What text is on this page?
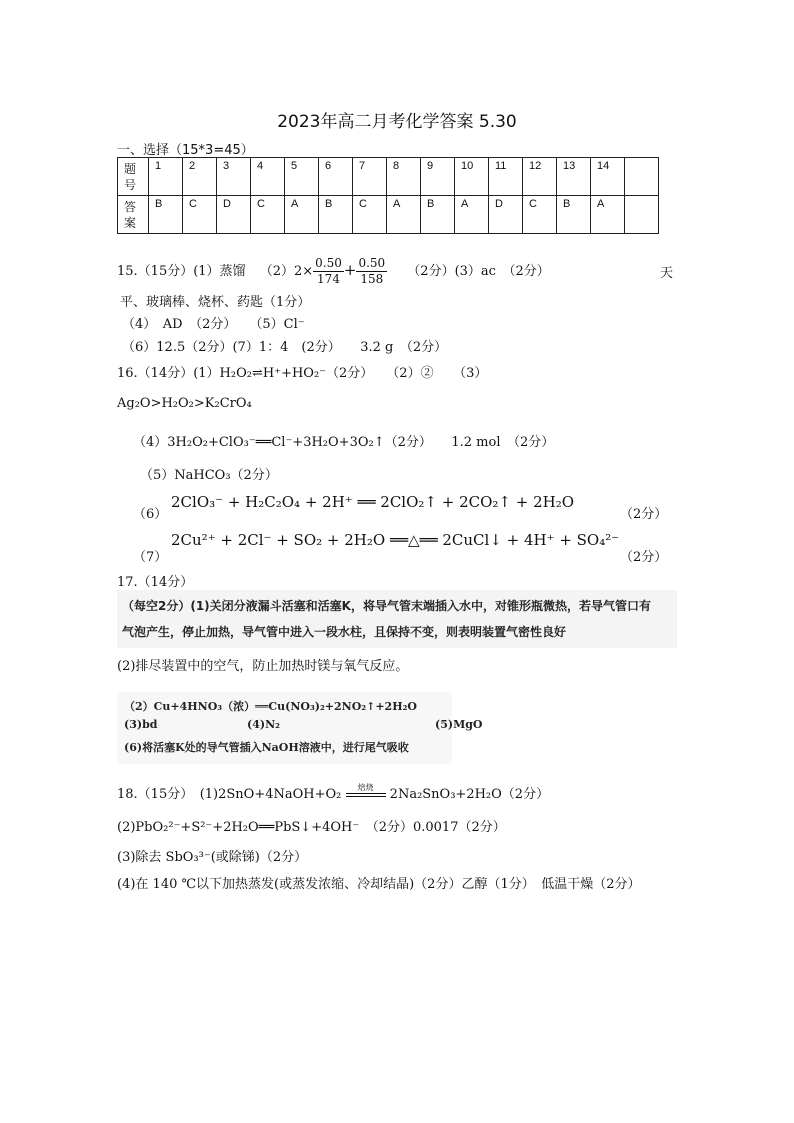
2023年高二月考化学答案 5.30
一、选择（15*3=45）
题号	1	2	3	4	5	6	7	8	9	10	11	12	13	14	
答案	B	C	D	C	A	B	C	A	B	A	D	C	B	A	
15.（15分）(1）蒸馏 $(2)2\times \frac{0.50}{174} + \frac{0.50}{158} (2$分）(3）ac　（2分）	天
平、玻璃棒、烧杯、药匙（1分）
（4）　AD　（2分）　　（5）Cl⁻
（6）12.5（2分）(7）1：4　(2分）　　3.2 g　（2分）
16.（14分）(1）H₂O₂⇌H⁺+HO₂⁻（2分）　　（2）②　　（3）
Ag₂O>H₂O₂>K₂CrO₄
（4）3H₂O₂+ClO₃⁻══Cl⁻+3H₂O+3O₂↑（2分）　　1.2 mol　（2分）
（5）NaHCO₃（2分）
（6）
2ClO₃⁻ + H₂C₂O₄ + 2H⁺ ══ 2ClO₂↑ + 2CO₂↑ + 2H₂O
（2分）
（7）
2Cu²⁺ + 2Cl⁻ + SO₂ + 2H₂O ══△══ 2CuCl↓ + 4H⁺ + SO₄²⁻
（2分）
17.（14分）
（每空2分）(1)关闭分液漏斗活塞和活塞K，将导气管末端插入水中，对锥形瓶微热，若导气管口有
气泡产生，停止加热，导气管中进入一段水柱，且保持不变，则表明装置气密性良好
(2)排尽装置中的空气，防止加热时镁与氧气反应。
（2）Cu+4HNO₃（浓）══Cu(NO₃)₂+2NO₂↑+2H₂O
(3)bd	(4)N₂	(5)MgO
(6)将活塞K处的导气管插入NaOH溶液中，进行尾气吸收
18.（15分）　(1)2SnO+4NaOH+O₂	焙烧	2Na₂SnO₃+2H₂O（2分）
(2)PbO₂²⁻+S²⁻+2H₂O══PbS↓+4OH⁻　（2分）0.0017（2分）
(3)除去 SbO₃³⁻(或除锑)（2分）
(4)在 140 ℃以下加热蒸发(或蒸发浓缩、冷却结晶)（2分）乙醇（1分）　低温干燥（2分）
